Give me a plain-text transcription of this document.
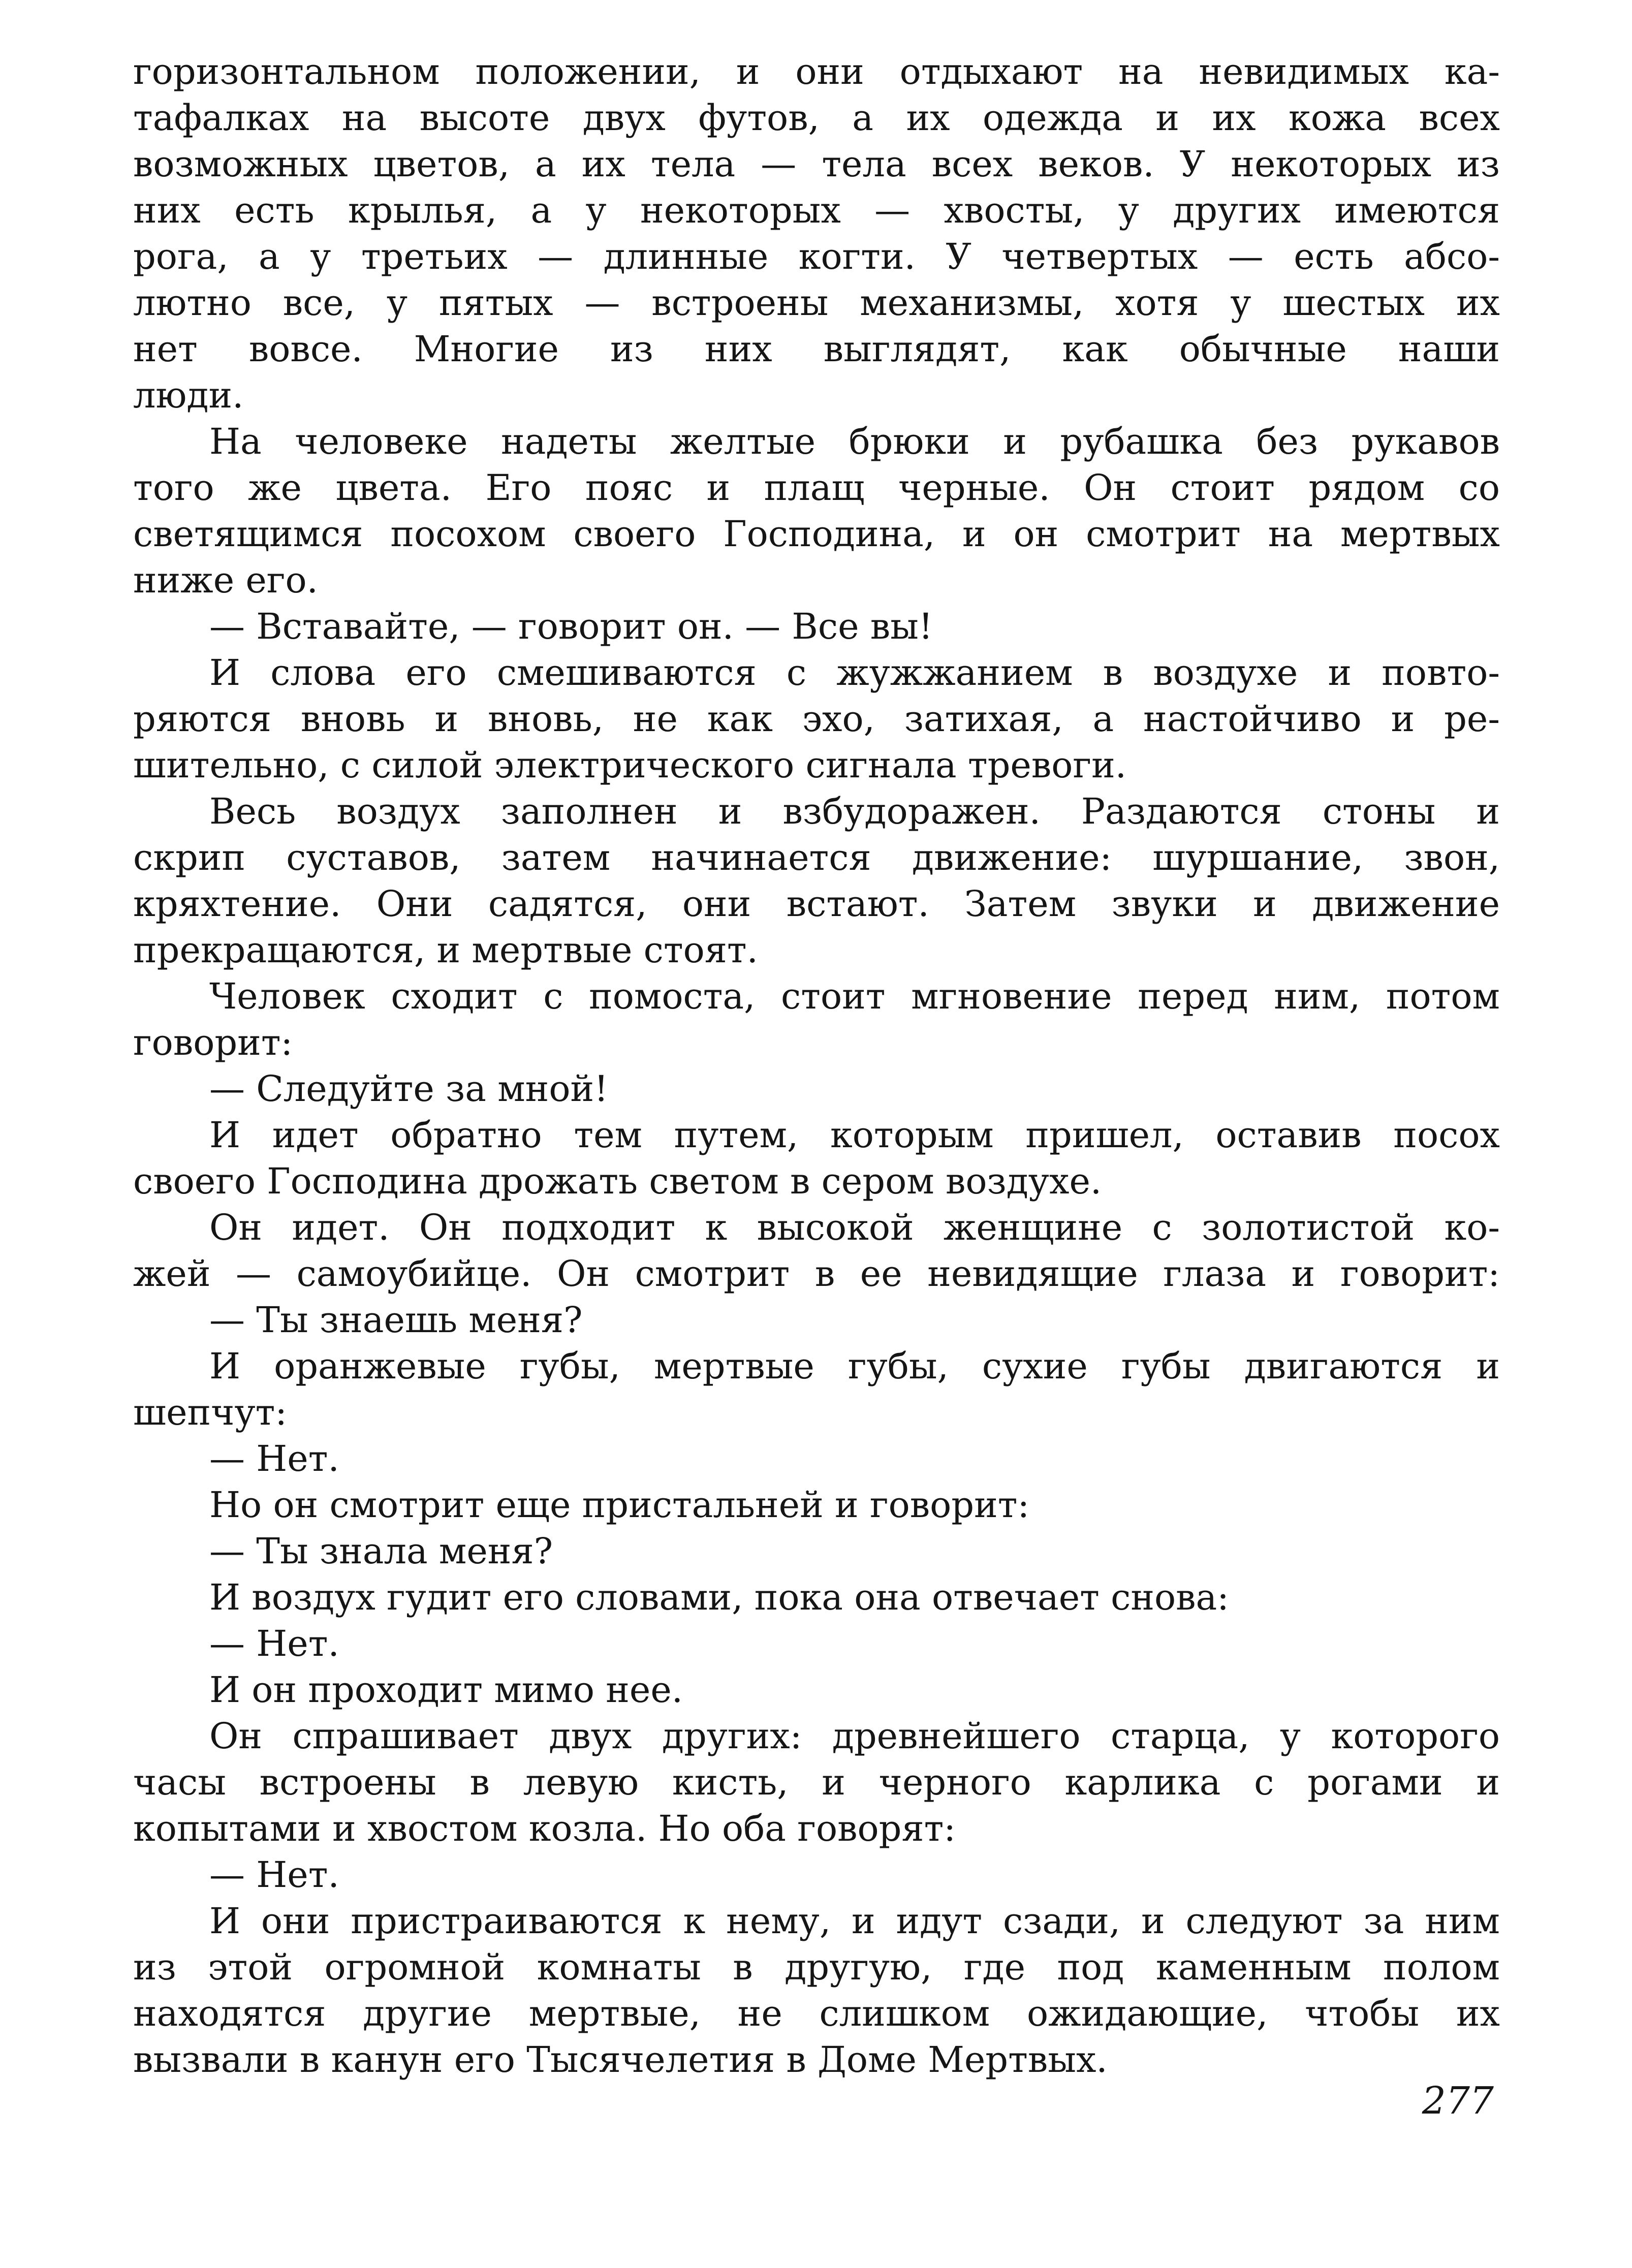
горизонтальном положении, и они отдыхают на невидимых ка-
тафалках на высоте двух футов, а их одежда и их кожа всех
возможных цветов, а их тела — тела всех веков. У некоторых из
них есть крылья, а у некоторых — хвосты, у других имеются
рога, а у третьих — длинные когти. У четвертых — есть абсо-
лютно все, у пятых — встроены механизмы, хотя у шестых их
нет вовсе. Многие из них выглядят, как обычные наши
люди.
На человеке надеты желтые брюки и рубашка без рукавов
того же цвета. Его пояс и плащ черные. Он стоит рядом со
светящимся посохом своего Господина, и он смотрит на мертвых
ниже его.
— Вставайте, — говорит он. — Все вы!
И слова его смешиваются с жужжанием в воздухе и повто-
ряются вновь и вновь, не как эхо, затихая, а настойчиво и ре-
шительно, с силой электрического сигнала тревоги.
Весь воздух заполнен и взбудоражен. Раздаются стоны и
скрип суставов, затем начинается движение: шуршание, звон,
кряхтение. Они садятся, они встают. Затем звуки и движение
прекращаются, и мертвые стоят.
Человек сходит с помоста, стоит мгновение перед ним, потом
говорит:
— Следуйте за мной!
И идет обратно тем путем, которым пришел, оставив посох
своего Господина дрожать светом в сером воздухе.
Он идет. Он подходит к высокой женщине с золотистой ко-
жей — самоубийце. Он смотрит в ее невидящие глаза и говорит:
— Ты знаешь меня?
И оранжевые губы, мертвые губы, сухие губы двигаются и
шепчут:
— Нет.
Но он смотрит еще пристальней и говорит:
— Ты знала меня?
И воздух гудит его словами, пока она отвечает снова:
— Нет.
И он проходит мимо нее.
Он спрашивает двух других: древнейшего старца, у которого
часы встроены в левую кисть, и черного карлика с рогами и
копытами и хвостом козла. Но оба говорят:
— Нет.
И они пристраиваются к нему, и идут сзади, и следуют за ним
из этой огромной комнаты в другую, где под каменным полом
находятся другие мертвые, не слишком ожидающие, чтобы их
вызвали в канун его Тысячелетия в Доме Мертвых.
277
